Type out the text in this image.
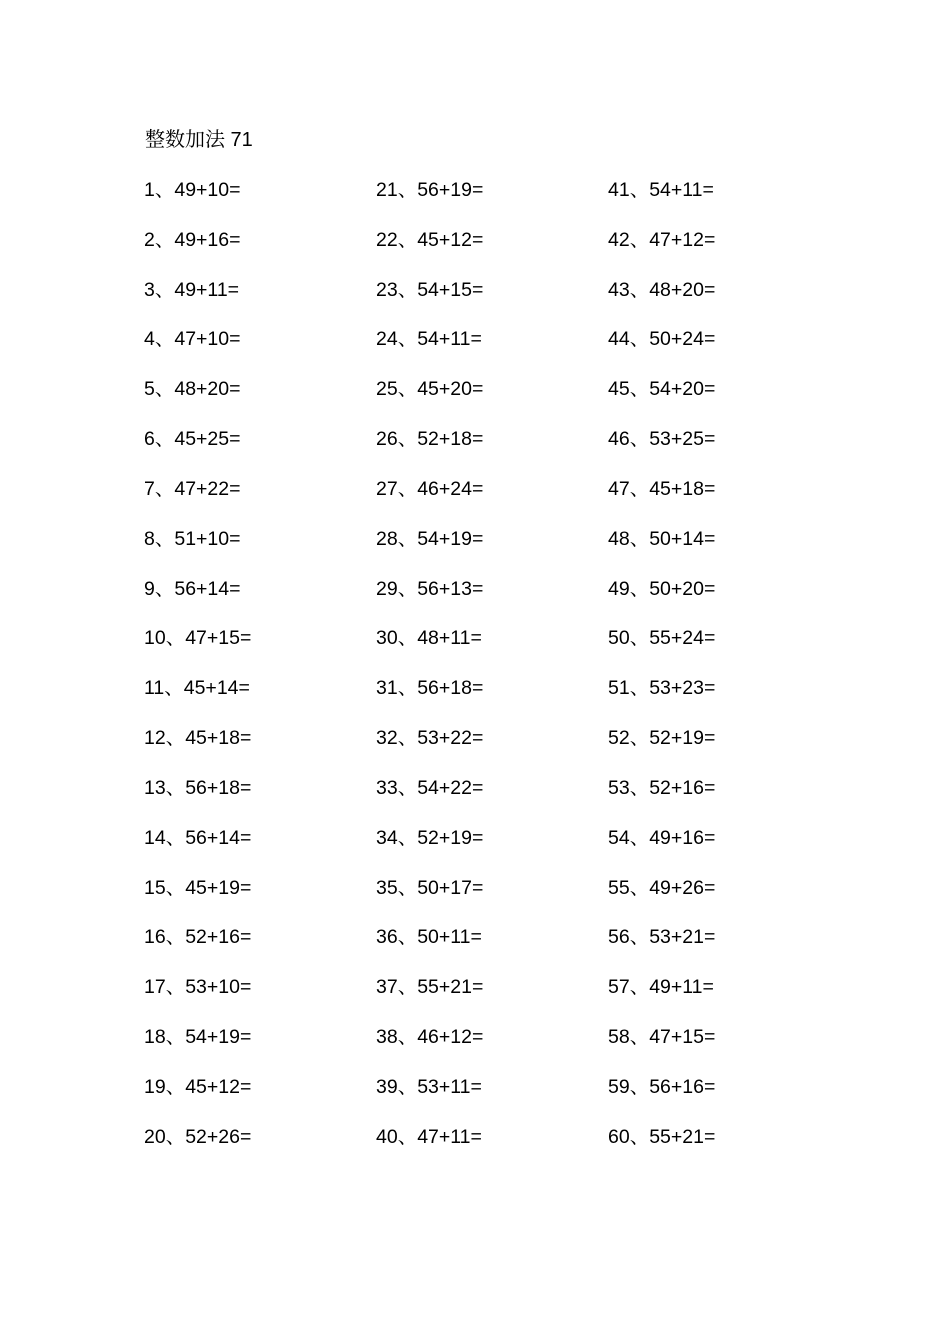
整数加法 71
1、49+10=
2、49+16=
3、49+11=
4、47+10=
5、48+20=
6、45+25=
7、47+22=
8、51+10=
9、56+14=
10、47+15=
11、45+14=
12、45+18=
13、56+18=
14、56+14=
15、45+19=
16、52+16=
17、53+10=
18、54+19=
19、45+12=
20、52+26=
21、56+19=
22、45+12=
23、54+15=
24、54+11=
25、45+20=
26、52+18=
27、46+24=
28、54+19=
29、56+13=
30、48+11=
31、56+18=
32、53+22=
33、54+22=
34、52+19=
35、50+17=
36、50+11=
37、55+21=
38、46+12=
39、53+11=
40、47+11=
41、54+11=
42、47+12=
43、48+20=
44、50+24=
45、54+20=
46、53+25=
47、45+18=
48、50+14=
49、50+20=
50、55+24=
51、53+23=
52、52+19=
53、52+16=
54、49+16=
55、49+26=
56、53+21=
57、49+11=
58、47+15=
59、56+16=
60、55+21=
